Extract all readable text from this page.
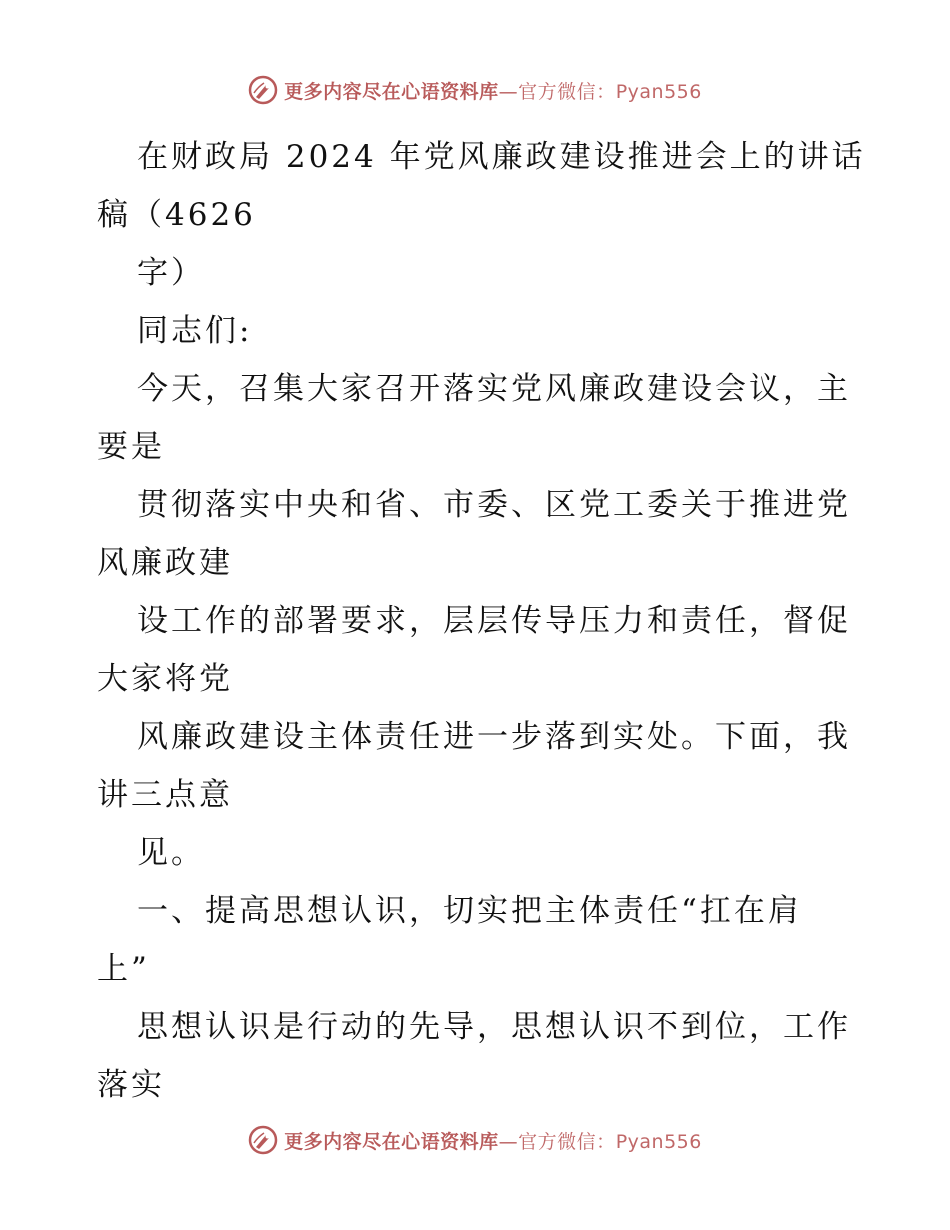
更多内容尽在心语资料库—官方微信：Pyan556
在财政局 2024 年党风廉政建设推进会上的讲话
稿（4626
字）
同志们:
今天，召集大家召开落实党风廉政建设会议，主
要是
贯彻落实中央和省、市委、区党工委关于推进党
风廉政建
设工作的部署要求，层层传导压力和责任，督促
大家将党
风廉政建设主体责任进一步落到实处。下面，我
讲三点意
见。
一、提高思想认识，切实把主体责任“扛在肩
上”
思想认识是行动的先导，思想认识不到位，工作
落实
更多内容尽在心语资料库—官方微信：Pyan556
